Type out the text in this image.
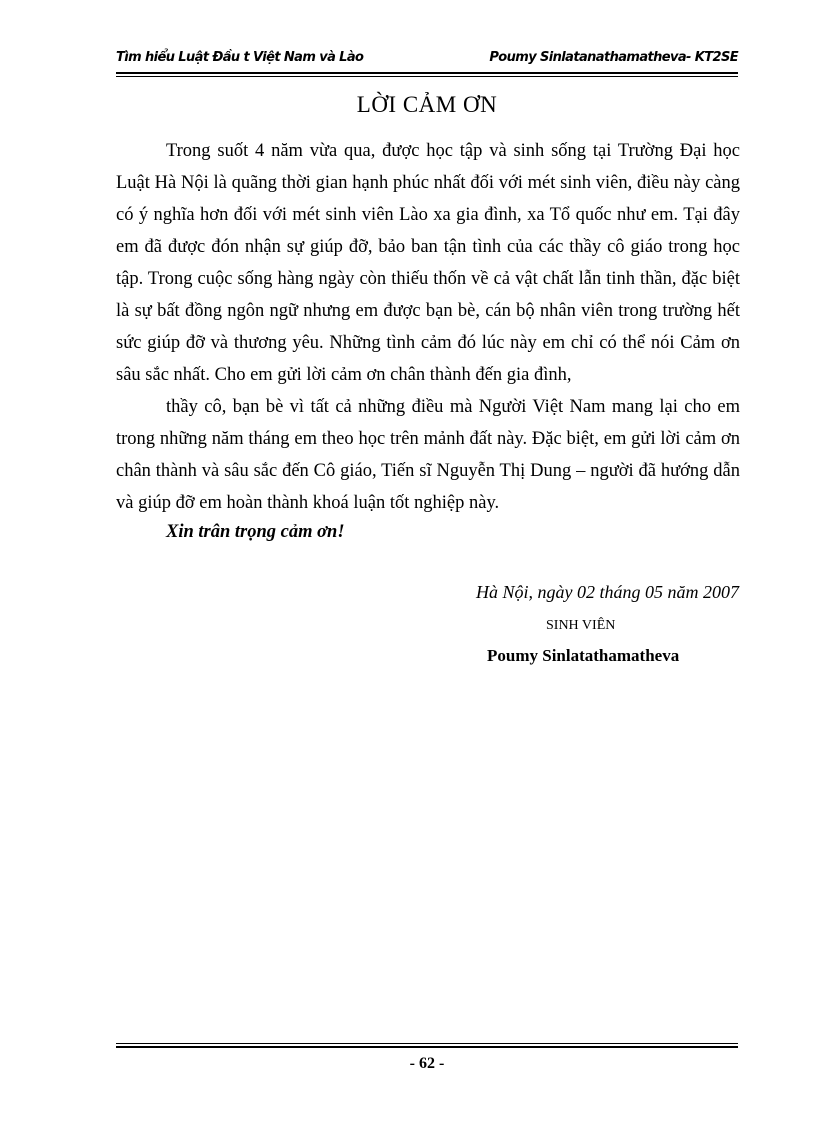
Tìm hiểu Luật Đầu t Việt Nam và Lào	Poumy Sinlatanathamatheva- KT2SE
LỜI CẢM ƠN

Trong suốt 4 năm vừa qua, được học tập và sinh sống tại Trường Đại học Luật Hà Nội là quãng thời gian hạnh phúc nhất đối với mét sinh viên, điều này càng có ý nghĩa hơn đối với mét sinh viên Lào xa gia đình, xa Tổ quốc như em. Tại đây em đã được đón nhận sự giúp đỡ, bảo ban tận tình của các thầy cô giáo trong học tập. Trong cuộc sống hàng ngày còn thiếu thốn về cả vật chất lẫn tinh thần, đặc biệt là sự bất đồng ngôn ngữ nhưng em được bạn bè, cán bộ nhân viên trong trường hết sức giúp đỡ và thương yêu. Những tình cảm đó lúc này em chỉ có thể nói Cảm ơn sâu sắc nhất. Cho em gửi lời cảm ơn chân thành đến gia đình,

thầy cô, bạn bè vì tất cả những điều mà Người Việt Nam mang lại cho em trong những năm tháng em theo học trên mảnh đất này. Đặc biệt, em gửi lời cảm ơn chân thành và sâu sắc đến Cô giáo, Tiến sĩ Nguyễn Thị Dung – người đã hướng dẫn và giúp đỡ em hoàn thành khoá luận tốt nghiệp này.

Xin trân trọng cảm ơn!
Hà Nội, ngày 02 tháng 05 năm 2007
SINH VIÊN
Poumy Sinlatathamatheva
- 62 -
